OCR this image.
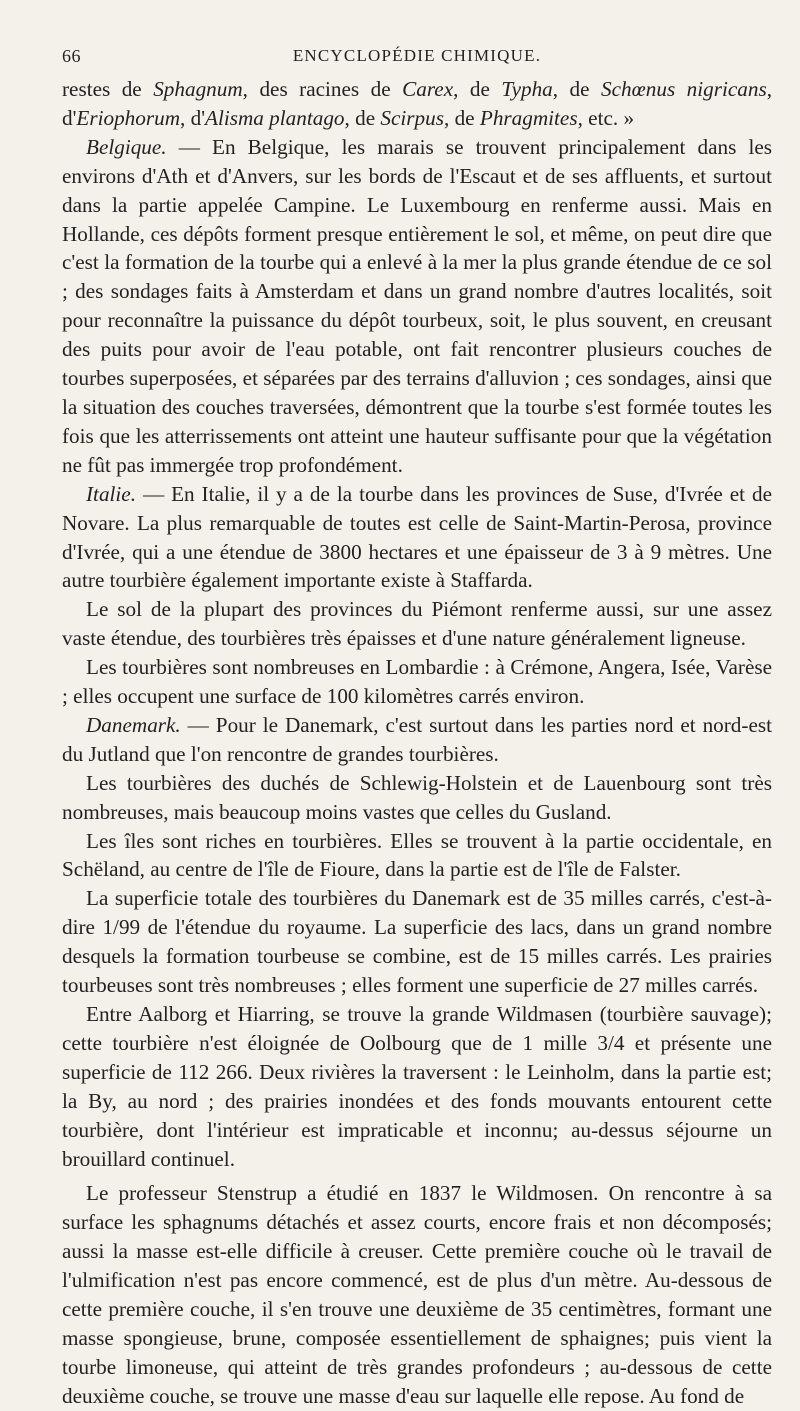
66	ENCYCLOPÉDIE CHIMIQUE.

restes de Sphagnum, des racines de Carex, de Typha, de Schœnus nigricans, d'Eriophorum, d'Alisma plantago, de Scirpus, de Phragmites, etc. »

Belgique. — En Belgique, les marais se trouvent principalement dans les environs d'Ath et d'Anvers, sur les bords de l'Escaut et de ses affluents, et surtout dans la partie appelée Campine. Le Luxembourg en renferme aussi. Mais en Hollande, ces dépôts forment presque entièrement le sol, et même, on peut dire que c'est la formation de la tourbe qui a enlevé à la mer la plus grande étendue de ce sol ; des sondages faits à Amsterdam et dans un grand nombre d'autres localités, soit pour reconnaître la puissance du dépôt tourbeux, soit, le plus souvent, en creusant des puits pour avoir de l'eau potable, ont fait rencontrer plusieurs couches de tourbes superposées, et séparées par des terrains d'alluvion ; ces sondages, ainsi que la situation des couches traversées, démontrent que la tourbe s'est formée toutes les fois que les atterrissements ont atteint une hauteur suffisante pour que la végétation ne fût pas immergée trop profondément.

Italie. — En Italie, il y a de la tourbe dans les provinces de Suse, d'Ivrée et de Novare. La plus remarquable de toutes est celle de Saint-Martin-Perosa, province d'Ivrée, qui a une étendue de 3800 hectares et une épaisseur de 3 à 9 mètres. Une autre tourbière également importante existe à Staffarda.

Le sol de la plupart des provinces du Piémont renferme aussi, sur une assez vaste étendue, des tourbières très épaisses et d'une nature généralement ligneuse.

Les tourbières sont nombreuses en Lombardie : à Crémone, Angera, Isée, Varèse ; elles occupent une surface de 100 kilomètres carrés environ.

Danemark. — Pour le Danemark, c'est surtout dans les parties nord et nord-est du Jutland que l'on rencontre de grandes tourbières.

Les tourbières des duchés de Schlewig-Holstein et de Lauenbourg sont très nombreuses, mais beaucoup moins vastes que celles du Gusland.

Les îles sont riches en tourbières. Elles se trouvent à la partie occidentale, en Schëland, au centre de l'île de Fioure, dans la partie est de l'île de Falster.

La superficie totale des tourbières du Danemark est de 35 milles carrés, c'est-à-dire 1/99 de l'étendue du royaume. La superficie des lacs, dans un grand nombre desquels la formation tourbeuse se combine, est de 15 milles carrés. Les prairies tourbeuses sont très nombreuses ; elles forment une superficie de 27 milles carrés.

Entre Aalborg et Hiarring, se trouve la grande Wildmasen (tourbière sauvage); cette tourbière n'est éloignée de Oolbourg que de 1 mille 3/4 et présente une superficie de 112 266. Deux rivières la traversent : le Leinholm, dans la partie est; la By, au nord ; des prairies inondées et des fonds mouvants entourent cette tourbière, dont l'intérieur est impraticable et inconnu; au-dessus séjourne un brouillard continuel.

Le professeur Stenstrup a étudié en 1837 le Wildmosen. On rencontre à sa surface les sphagnums détachés et assez courts, encore frais et non décomposés; aussi la masse est-elle difficile à creuser. Cette première couche où le travail de l'ulmification n'est pas encore commencé, est de plus d'un mètre. Au-dessous de cette première couche, il s'en trouve une deuxième de 35 centimètres, formant une masse spongieuse, brune, composée essentiellement de sphaignes; puis vient la tourbe limoneuse, qui atteint de très grandes profondeurs ; au-dessous de cette deuxième couche, se trouve une masse d'eau sur laquelle elle repose. Au fond de
